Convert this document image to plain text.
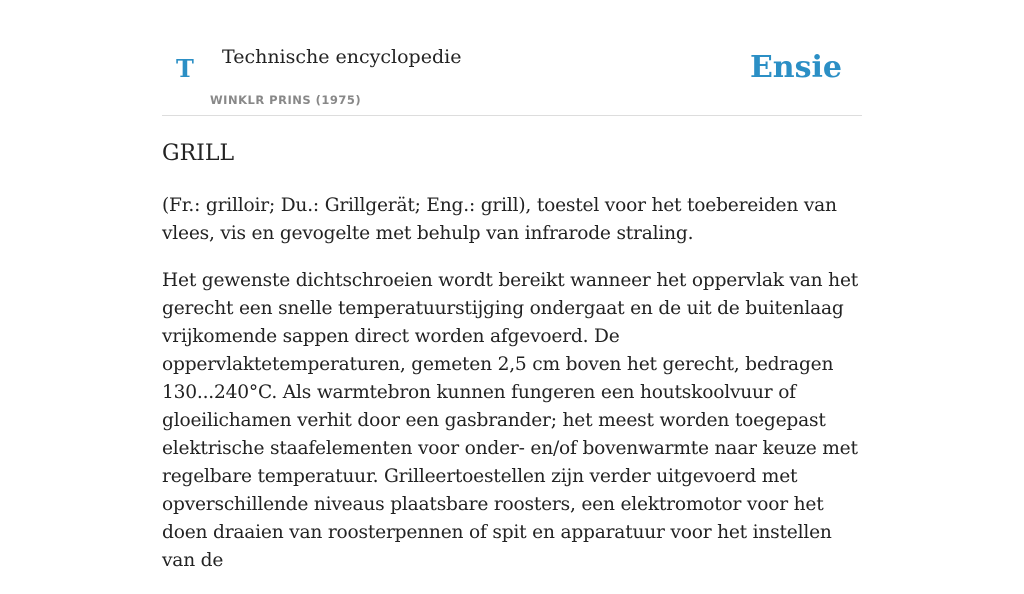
T Technische encyclopedie
WINKLR PRINS (1975)
Ensie
GRILL

(Fr.: grilloir; Du.: Grillgerät; Eng.: grill), toestel voor het toebereiden van vlees, vis en gevogelte met behulp van infrarode straling.

Het gewenste dichtschroeien wordt bereikt wanneer het oppervlak van het gerecht een snelle temperatuurstijging ondergaat en de uit de buitenlaag vrijkomende sappen direct worden afgevoerd. De oppervlaktetemperaturen, gemeten 2,5 cm boven het gerecht, bedragen 130...240°C. Als warmtebron kunnen fungeren een houtskoolvuur of gloeilichamen verhit door een gasbrander; het meest worden toegepast elektrische staafelementen voor onder- en/of bovenwarmte naar keuze met regelbare temperatuur. Grilleertoestellen zijn verder uitgevoerd met opverschillende niveaus plaatsbare roosters, een elektromotor voor het doen draaien van roosterpennen of spit en apparatuur voor het instellen van de
